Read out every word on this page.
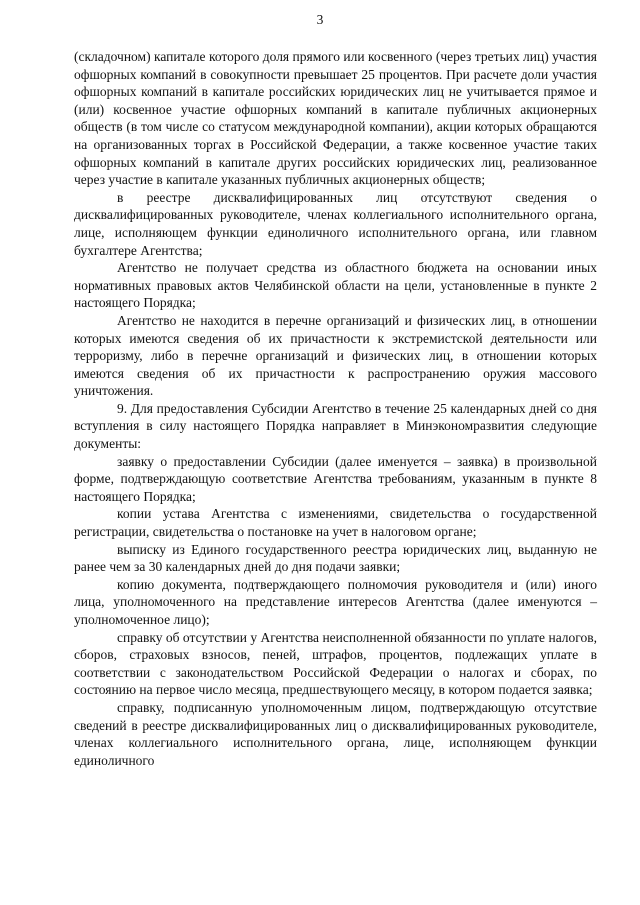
3

(складочном) капитале которого доля прямого или косвенного (через третьих лиц) участия офшорных компаний в совокупности превышает 25 процентов. При расчете доли участия офшорных компаний в капитале российских юридических лиц не учитывается прямое и (или) косвенное участие офшорных компаний в капитале публичных акционерных обществ (в том числе со статусом международной компании), акции которых обращаются на организованных торгах в Российской Федерации, а также косвенное участие таких офшорных компаний в капитале других российских юридических лиц, реализованное через участие в капитале указанных публичных акционерных обществ;

в реестре дисквалифицированных лиц отсутствуют сведения о дисквалифицированных руководителе, членах коллегиального исполнительного органа, лице, исполняющем функции единоличного исполнительного органа, или главном бухгалтере Агентства;

Агентство не получает средства из областного бюджета на основании иных нормативных правовых актов Челябинской области на цели, установленные в пункте 2 настоящего Порядка;

Агентство не находится в перечне организаций и физических лиц, в отношении которых имеются сведения об их причастности к экстремистской деятельности или терроризму, либо в перечне организаций и физических лиц, в отношении которых имеются сведения об их причастности к распространению оружия массового уничтожения.

9. Для предоставления Субсидии Агентство в течение 25 календарных дней со дня вступления в силу настоящего Порядка направляет в Минэкономразвития следующие документы:

заявку о предоставлении Субсидии (далее именуется – заявка) в произвольной форме, подтверждающую соответствие Агентства требованиям, указанным в пункте 8 настоящего Порядка;

копии устава Агентства с изменениями, свидетельства о государственной регистрации, свидетельства о постановке на учет в налоговом органе;

выписку из Единого государственного реестра юридических лиц, выданную не ранее чем за 30 календарных дней до дня подачи заявки;

копию документа, подтверждающего полномочия руководителя и (или) иного лица, уполномоченного на представление интересов Агентства (далее именуются – уполномоченное лицо);

справку об отсутствии у Агентства неисполненной обязанности по уплате налогов, сборов, страховых взносов, пеней, штрафов, процентов, подлежащих уплате в соответствии с законодательством Российской Федерации о налогах и сборах, по состоянию на первое число месяца, предшествующего месяцу, в котором подается заявка;

справку, подписанную уполномоченным лицом, подтверждающую отсутствие сведений в реестре дисквалифицированных лиц о дисквалифицированных руководителе, членах коллегиального исполнительного органа, лице, исполняющем функции единоличного
